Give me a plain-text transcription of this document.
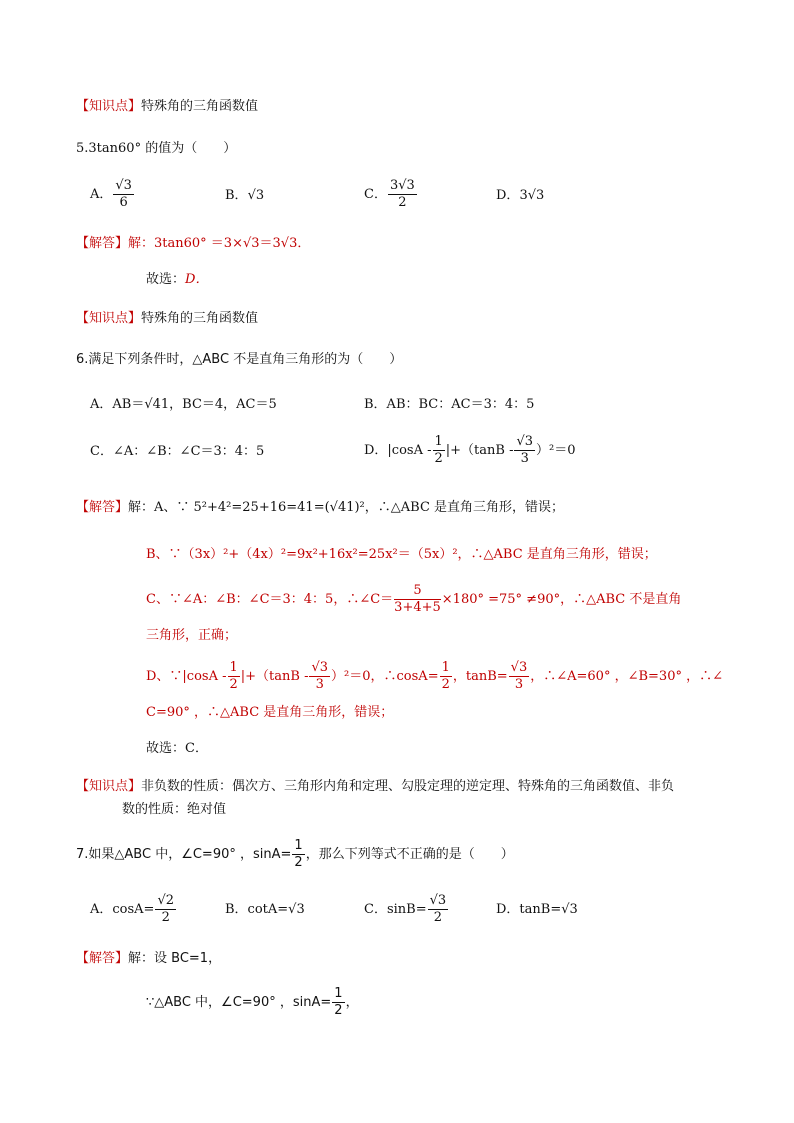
【知识点】特殊角的三角函数值
5.3tan60° 的值为（　　）
A． $\frac{√3}{6}$	B．√3	C． $\frac{3√3}{2}$	D．3√3
【解答】解：3tan60° ＝3×√3＝3√3．
故选：D．
【知识点】特殊角的三角函数值
6.满足下列条件时，△ABC 不是直角三角形的为（　　）
A．AB＝√41，BC＝4，AC＝5	B．AB：BC：AC＝3：4：5
C．∠A：∠B：∠C＝3：4：5	D．$|\cos A - \frac{1}{2} |+(\tan B - \frac{√3}{3} )^2=0$
【解答】解：A、∵ 5²+4²=25+16=41=(√41)²，∴△ABC 是直角三角形，错误；
B、∵（3x）²+（4x）²=9x²+16x²=25x²＝（5x）²，∴△ABC 是直角三角形，错误；
C、∵∠A：∠B：∠C＝3：4：5，∴∠C＝ $\frac{5}{3+4+5} \times 180^\circ =75^\circ \ne 90^\circ$，∴△ABC 不是直角
三角形，正确；
D、∵|cosA - $\frac{1}{2} |+(\tan B - \frac{√3}{3} )^2=0$，∴cosA= $\frac{1}{2}$ ，$\tan B= \frac{√3}{3}$ ，∴∠A=60° ，∠B=30° ，∴∠
C=90° ，∴△ABC 是直角三角形，错误；
故选：C．
【知识点】非负数的性质：偶次方、三角形内角和定理、勾股定理的逆定理、特殊角的三角函数值、非负
数的性质：绝对值
7.如果△ABC 中，∠C=90° ，$\sin A= \frac{1}{2}$ ，那么下列等式不正确的是（　　）
A．$\cos A= \frac{√2}{2}$	B．cotA=√3	C．$\sin B= \frac{√3}{2}$	D．tanB=√3
【解答】解：设 BC=1，
∵△ABC 中，∠C=90° ，$\sin A= \frac{1}{2}$ ，
